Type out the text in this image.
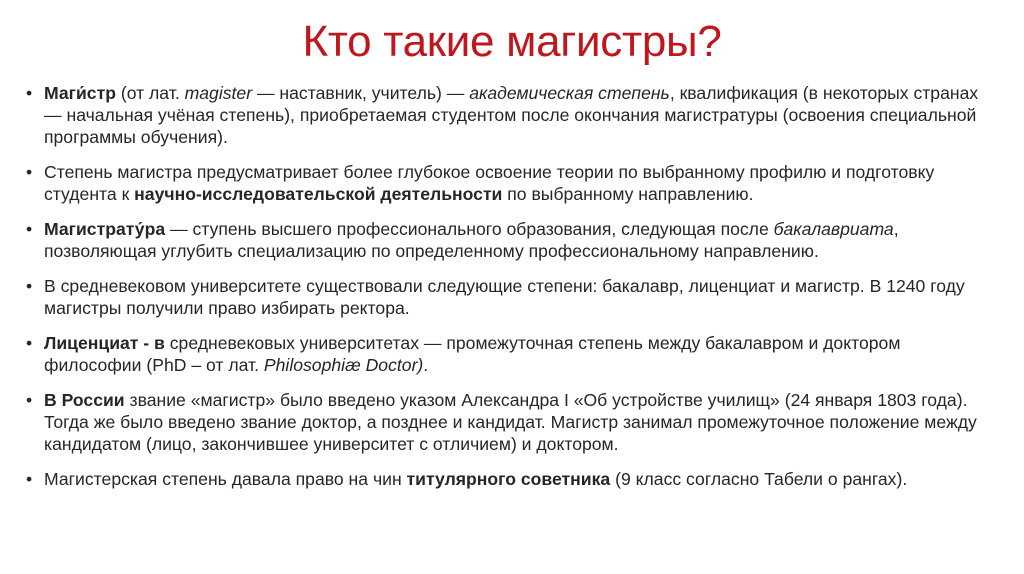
Кто такие магистры?
• Маги́стр (от лат. magister — наставник, учитель) — академическая степень, квалификация (в некоторых странах — начальная учёная степень), приобретаемая студентом после окончания магистратуры (освоения специальной программы обучения).
• Степень магистра предусматривает более глубокое освоение теории по выбранному профилю и подготовку студента к научно-исследовательской деятельности по выбранному направлению.
• Магистрату́ра — ступень высшего профессионального образования, следующая после бакалавриата, позволяющая углубить специализацию по определенному профессиональному направлению.
• В средневековом университете существовали следующие степени: бакалавр, лиценциат и магистр. В 1240 году магистры получили право избирать ректора.
• Лиценциат - в средневековых университетах — промежуточная степень между бакалавром и доктором философии (PhD – от лат. Philosophiæ Doctor).
• В России звание «магистр» было введено указом Александра I «Об устройстве училищ» (24 января 1803 года). Тогда же было введено звание доктор, а позднее и кандидат. Магистр занимал промежуточное положение между кандидатом (лицо, закончившее университет с отличием) и доктором.
• Магистерская степень давала право на чин титулярного советника (9 класс согласно Табели о рангах).
